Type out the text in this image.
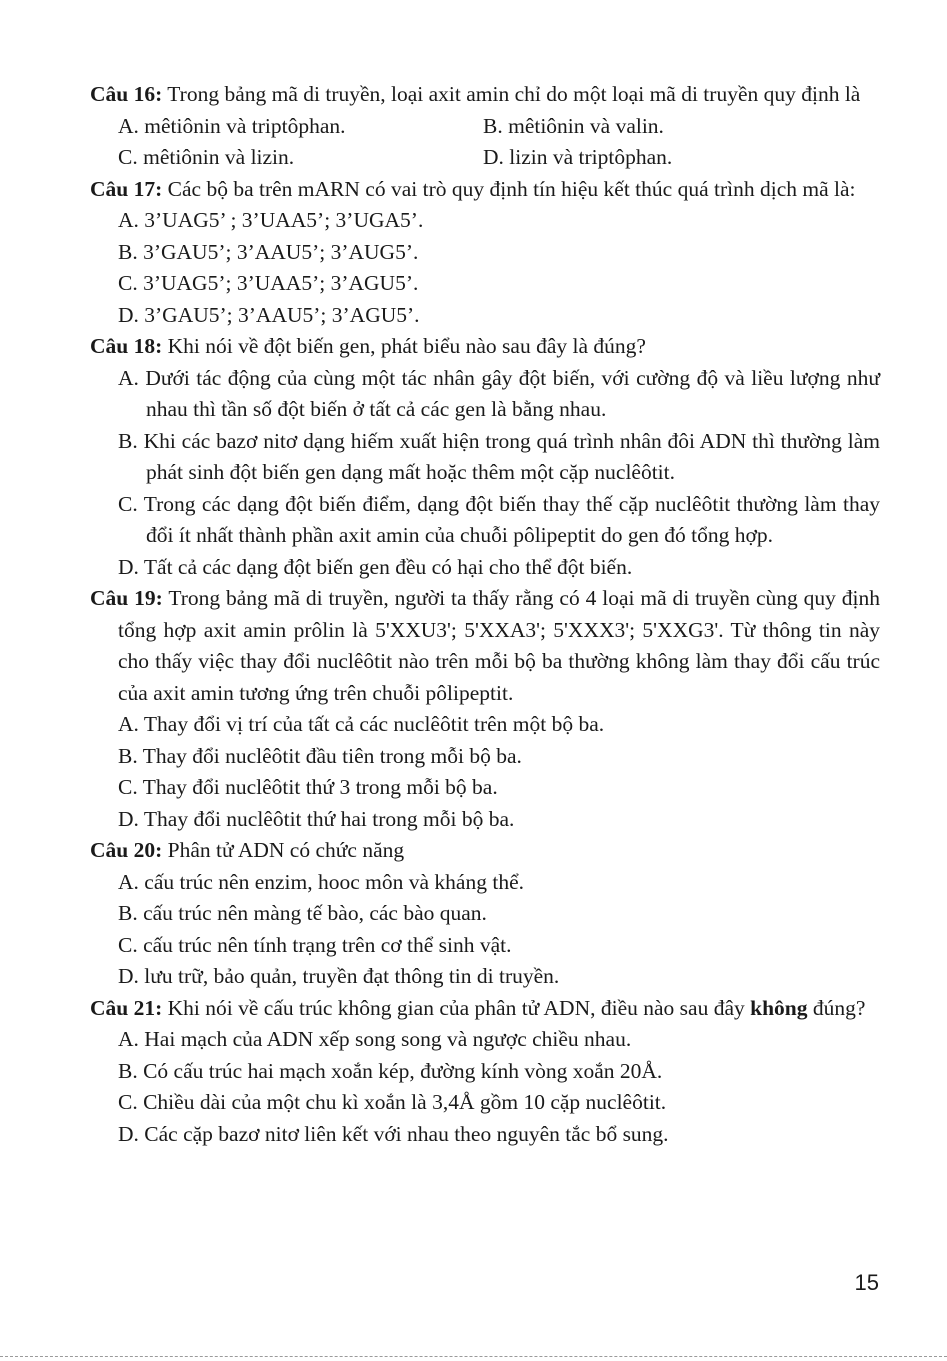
Câu 16: Trong bảng mã di truyền, loại axit amin chỉ do một loại mã di truyền quy định là

A. mêtiônin và triptôphan.	B. mêtiônin và valin.
C. mêtiônin và lizin.	D. lizin và triptôphan.

Câu 17: Các bộ ba trên mARN có vai trò quy định tín hiệu kết thúc quá trình dịch mã là:

A. 3’UAG5’ ; 3’UAA5’; 3’UGA5’.

B. 3’GAU5’; 3’AAU5’; 3’AUG5’.

C. 3’UAG5’; 3’UAA5’; 3’AGU5’.

D. 3’GAU5’; 3’AAU5’; 3’AGU5’.

Câu 18: Khi nói về đột biến gen, phát biểu nào sau đây là đúng?

A. Dưới tác động của cùng một tác nhân gây đột biến, với cường độ và liều lượng như nhau thì tần số đột biến ở tất cả các gen là bằng nhau.

B. Khi các bazơ nitơ dạng hiếm xuất hiện trong quá trình nhân đôi ADN thì thường làm phát sinh đột biến gen dạng mất hoặc thêm một cặp nuclêôtit.

C. Trong các dạng đột biến điểm, dạng đột biến thay thế cặp nuclêôtit thường làm thay đổi ít nhất thành phần axit amin của chuỗi pôlipeptit do gen đó tổng hợp.

D. Tất cả các dạng đột biến gen đều có hại cho thể đột biến.

Câu 19: Trong bảng mã di truyền, người ta thấy rằng có 4 loại mã di truyền cùng quy định tổng hợp axit amin prôlin là 5'XXU3'; 5'XXA3'; 5'XXX3'; 5'XXG3'. Từ thông tin này cho thấy việc thay đổi nuclêôtit nào trên mỗi bộ ba thường không làm thay đổi cấu trúc của axit amin tương ứng trên chuỗi pôlipeptit.

A. Thay đổi vị trí của tất cả các nuclêôtit trên một bộ ba.

B. Thay đổi nuclêôtit đầu tiên trong mỗi bộ ba.

C. Thay đổi nuclêôtit thứ 3 trong mỗi bộ ba.

D. Thay đổi nuclêôtit thứ hai trong mỗi bộ ba.

Câu 20: Phân tử ADN có chức năng

A. cấu trúc nên enzim, hooc môn và kháng thể.

B. cấu trúc nên màng tế bào, các bào quan.

C. cấu trúc nên tính trạng trên cơ thể sinh vật.

D. lưu trữ, bảo quản, truyền đạt thông tin di truyền.

Câu 21: Khi nói về cấu trúc không gian của phân tử ADN, điều nào sau đây không đúng?

A. Hai mạch của ADN xếp song song và ngược chiều nhau.

B. Có cấu trúc hai mạch xoắn kép, đường kính vòng xoắn 20Å.

C. Chiều dài của một chu kì xoắn là 3,4Å gồm 10 cặp nuclêôtit.

D. Các cặp bazơ nitơ liên kết với nhau theo nguyên tắc bổ sung.

15
